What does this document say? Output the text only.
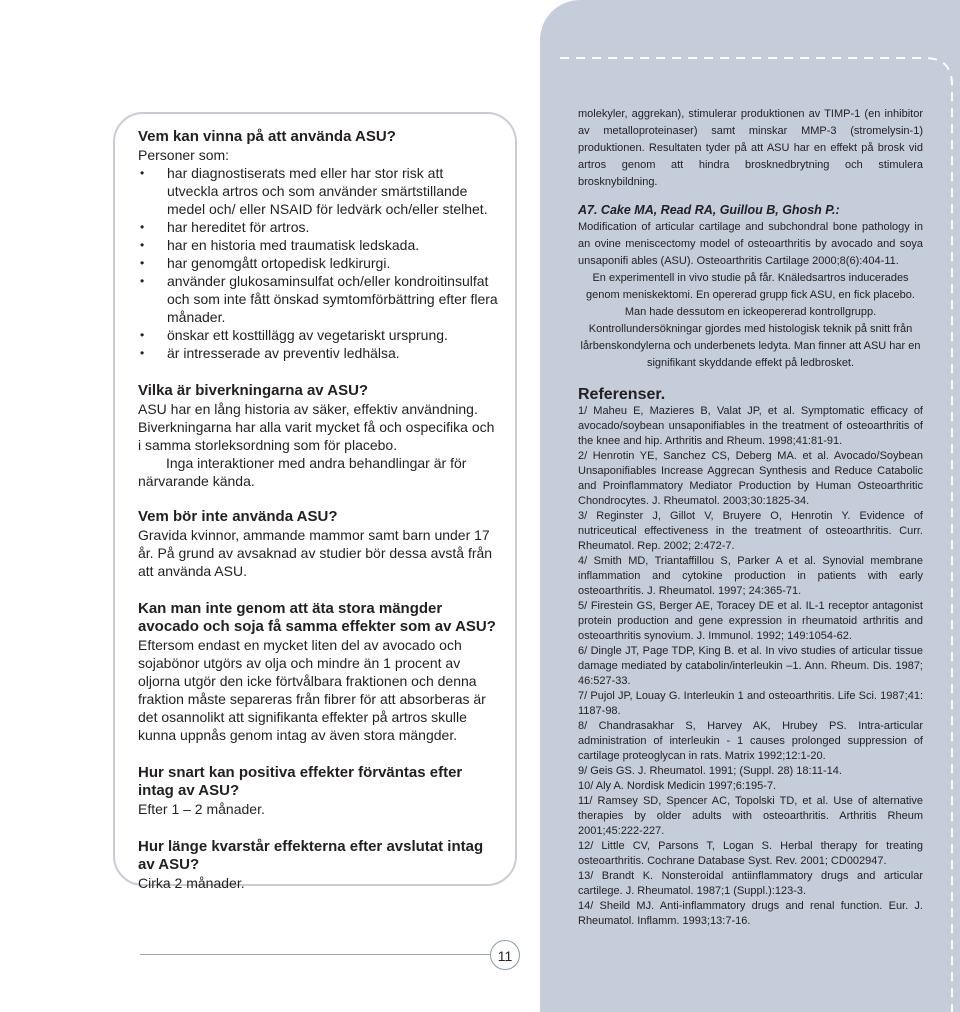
Vem kan vinna på att använda ASU?

Personer som:

• har diagnostiserats med eller har stor risk att utveckla artros och som använder smärtstillande medel och/ eller NSAID för ledvärk och/eller stelhet.
• har hereditet för artros.
• har en historia med traumatisk ledskada.
• har genomgått ortopedisk ledkirurgi.
• använder glukosaminsulfat och/eller kondroitinsulfat och som inte fått önskad symtomförbättring efter flera månader.
• önskar ett kosttillägg av vegetariskt ursprung.
• är intresserade av preventiv ledhälsa.
Vilka är biverkningarna av ASU?

ASU har en lång historia av säker, effektiv användning. Biverkningarna har alla varit mycket få och ospecifika och i samma storleksordning som för placebo.

Inga interaktioner med andra behandlingar är för närvarande kända.

Vem bör inte använda ASU?

Gravida kvinnor, ammande mammor samt barn under 17 år. På grund av avsaknad av studier bör dessa avstå från att använda ASU.

Kan man inte genom att äta stora mängder avocado och soja få samma effekter som av ASU?

Eftersom endast en mycket liten del av avocado och sojabönor utgörs av olja och mindre än 1 procent av oljorna utgör den icke förtvålbara fraktionen och denna fraktion måste separeras från fibrer för att absorberas är det osannolikt att signifikanta effekter på artros skulle kunna uppnås genom intag av även stora mängder.

Hur snart kan positiva effekter förväntas efter intag av ASU?

Efter 1 – 2 månader.

Hur länge kvarstår effekterna efter avslutat intag av ASU?

Cirka 2 månader.

molekyler, aggrekan), stimulerar produktionen av TIMP-1 (en inhibitor av metalloproteinaser) samt minskar MMP-3 (stromelysin-1) produktionen. Resultaten tyder på att ASU har en effekt på brosk vid artros genom att hindra brosknedbrytning och stimulera brosknybildning.

A7. Cake MA, Read RA, Guillou B, Ghosh P.:

Modification of articular cartilage and subchondral bone pathology in an ovine meniscectomy model of osteoarthritis by avocado and soya unsaponifi ables (ASU). Osteoarthritis Cartilage 2000;8(6):404-11.

En experimentell in vivo studie på får. Knäledsartros inducerades genom meniskektomi. En opererad grupp fick ASU, en fick placebo. Man hade dessutom en ickeopererad kontrollgrupp. Kontrollundersökningar gjordes med histologisk teknik på snitt från lårbenskondylerna och underbenets ledyta. Man finner att ASU har en signifikant skyddande effekt på ledbrosket.

Referenser.
1/ Maheu E, Mazieres B, Valat JP, et al. Symptomatic efficacy of avocado/soybean unsaponifiables in the treatment of osteoarthritis of the knee and hip. Arthritis and Rheum. 1998;41:81-91.
2/ Henrotin YE, Sanchez CS, Deberg MA. et al. Avocado/Soybean Unsaponifiables Increase Aggrecan Synthesis and Reduce Catabolic and Proinflammatory Mediator Production by Human Osteoarthritic Chondrocytes. J. Rheumatol. 2003;30:1825-34.
3/ Reginster J, Gillot V, Bruyere O, Henrotin Y. Evidence of nutriceutical effectiveness in the treatment of osteoarthritis. Curr. Rheumatol. Rep. 2002; 2:472-7.
4/ Smith MD, Triantaffillou S, Parker A et al. Synovial membrane inflammation and cytokine production in patients with early osteoarthritis. J. Rheumatol. 1997; 24:365-71.
5/ Firestein GS, Berger AE, Toracey DE et al. IL-1 receptor antagonist protein production and gene expression in rheumatoid arthritis and osteoarthritis synovium. J. Immunol. 1992; 149:1054-62.
6/ Dingle JT, Page TDP, King B. et al. In vivo studies of articular tissue damage mediated by catabolin/interleukin –1. Ann. Rheum. Dis. 1987; 46:527-33.
7/ Pujol JP, Louay G. Interleukin 1 and osteoarthritis. Life Sci. 1987;41: 1187-98.
8/ Chandrasakhar S, Harvey AK, Hrubey PS. Intra-articular administration of interleukin - 1 causes prolonged suppression of cartilage proteoglycan in rats. Matrix 1992;12:1-20.
9/ Geis GS. J. Rheumatol. 1991; (Suppl. 28) 18:11-14.
10/ Aly A. Nordisk Medicin 1997;6:195-7.
11/ Ramsey SD, Spencer AC, Topolski TD, et al. Use of alternative therapies by older adults with osteoarthritis. Arthritis Rheum 2001;45:222-227.
12/ Little CV, Parsons T, Logan S. Herbal therapy for treating osteoarthritis. Cochrane Database Syst. Rev. 2001; CD002947.
13/ Brandt K. Nonsteroidal antiinflammatory drugs and articular cartilege. J. Rheumatol. 1987;1 (Suppl.):123-3.
14/ Sheild MJ. Anti-inflammatory drugs and renal function. Eur. J. Rheumatol. Inflamm. 1993;13:7-16.
11
